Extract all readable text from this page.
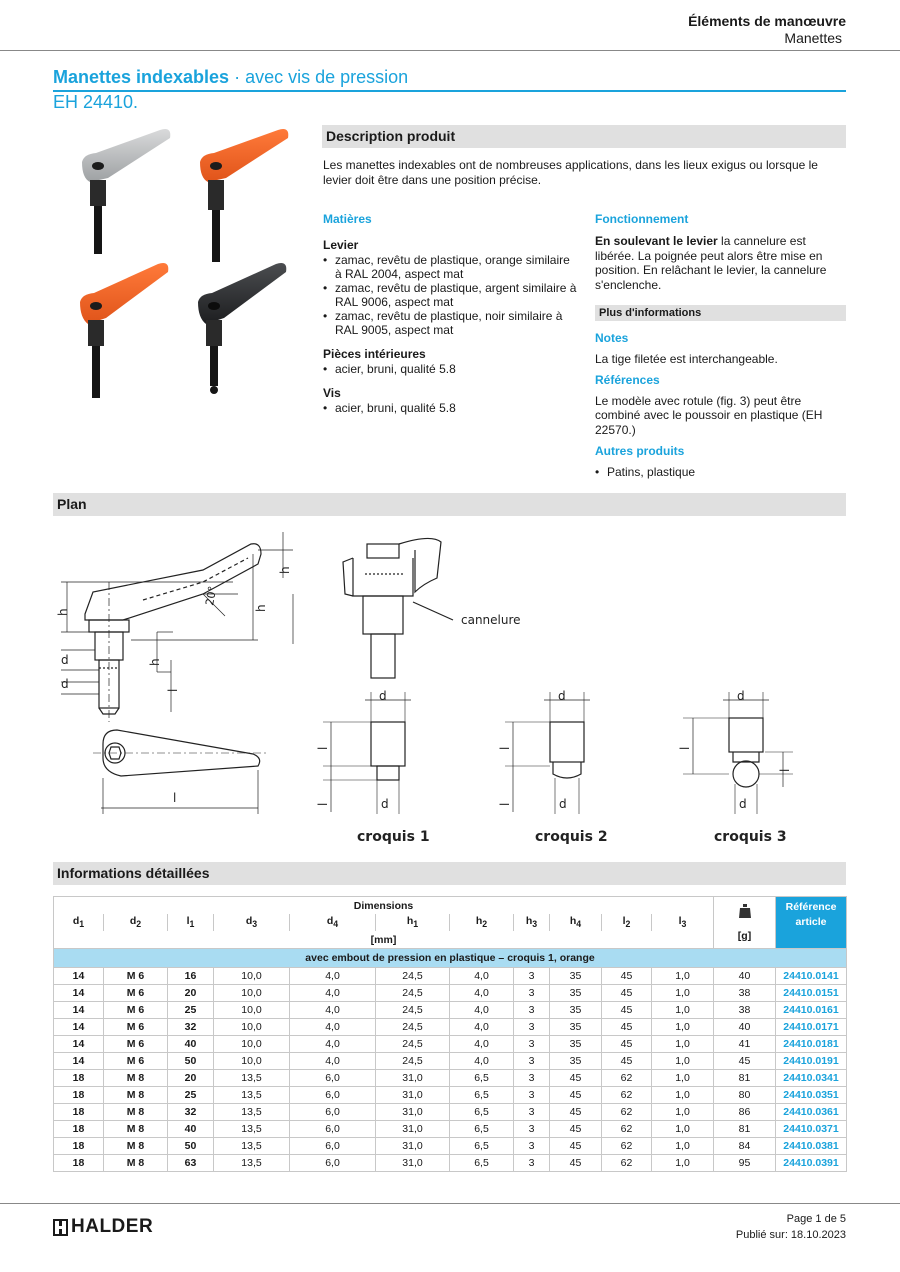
Éléments de manœuvre
Manettes
Manettes indexables · avec vis de pression
EH 24410.
Description produit

Les manettes indexables ont de nombreuses applications, dans les lieux exigus ou lorsque le levier doit être dans une position précise.

Matières
Levier
• zamac, revêtu de plastique, orange similaire à RAL 2004, aspect mat
• zamac, revêtu de plastique, argent similaire à RAL 9006, aspect mat
• zamac, revêtu de plastique, noir similaire à RAL 9005, aspect mat
Pièces intérieures
• acier, bruni, qualité 5.8
Vis
• acier, bruni, qualité 5.8
Fonctionnement

En soulevant le levier la cannelure est libérée. La poignée peut alors être mise en position. En relâchant le levier, la cannelure s'enclenche.

Plus d'informations
Notes

La tige filetée est interchangeable.

Références

Le modèle avec rotule (fig. 3) peut être combiné avec le poussoir en plastique (EH 22570.)

Autres produits
• Patins, plastique
Plan
h
d
d
h
l
h
h
l
d	d	d
d	d	d
l	l	l
l	l
l
20°
cannelure
croquis 1	croquis 2	croquis 3
Informations détaillées
Dimensions											[g]	Référence article
$d_1$	$d_2$	$l_1$	$d_3$	$d_4$	$h_1$	$h_2$	$h_3$	$h_4$	$l_2$	$l_3$
[mm]												
avec embout de pression en plastique – croquis 1, orange												
14	M 6	16	10,0	4,0	24,5	4,0	3	35	45	1,0	40	24410.0141
14	M 6	20	10,0	4,0	24,5	4,0	3	35	45	1,0	38	24410.0151
14	M 6	25	10,0	4,0	24,5	4,0	3	35	45	1,0	38	24410.0161
14	M 6	32	10,0	4,0	24,5	4,0	3	35	45	1,0	40	24410.0171
14	M 6	40	10,0	4,0	24,5	4,0	3	35	45	1,0	41	24410.0181
14	M 6	50	10,0	4,0	24,5	4,0	3	35	45	1,0	45	24410.0191
18	M 8	20	13,5	6,0	31,0	6,5	3	45	62	1,0	81	24410.0341
18	M 8	25	13,5	6,0	31,0	6,5	3	45	62	1,0	80	24410.0351
18	M 8	32	13,5	6,0	31,0	6,5	3	45	62	1,0	86	24410.0361
18	M 8	40	13,5	6,0	31,0	6,5	3	45	62	1,0	81	24410.0371
18	M 8	50	13,5	6,0	31,0	6,5	3	45	62	1,0	84	24410.0381
18	M 8	63	13,5	6,0	31,0	6,5	3	45	62	1,0	95	24410.0391
HALDER	Page 1 de 5
Publié sur: 18.10.2023
